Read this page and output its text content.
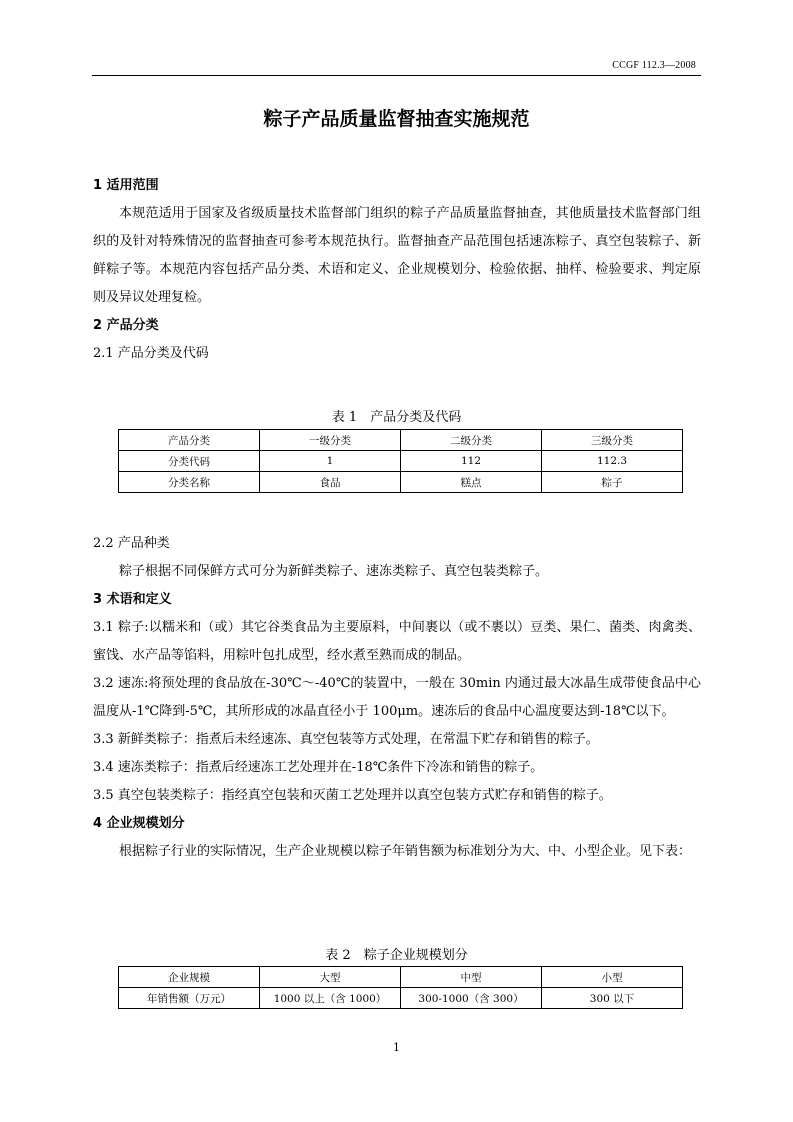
CCGF 112.3—2008
粽子产品质量监督抽查实施规范
1 适用范围
本规范适用于国家及省级质量技术监督部门组织的粽子产品质量监督抽查，其他质量技术监督部门组织的及针对特殊情况的监督抽查可参考本规范执行。监督抽查产品范围包括速冻粽子、真空包装粽子、新鲜粽子等。本规范内容包括产品分类、术语和定义、企业规模划分、检验依据、抽样、检验要求、判定原则及异议处理复检。
2 产品分类
2.1 产品分类及代码
表 1　产品分类及代码
产品分类	一级分类	二级分类	三级分类
分类代码	1	112	112.3
分类名称	食品	糕点	粽子
2.2 产品种类
粽子根据不同保鲜方式可分为新鲜类粽子、速冻类粽子、真空包装类粽子。
3 术语和定义
3.1 粽子:以糯米和（或）其它谷类食品为主要原料，中间裹以（或不裹以）豆类、果仁、菌类、肉禽类、蜜饯、水产品等馅料，用粽叶包扎成型，经水煮至熟而成的制品。
3.2 速冻:将预处理的食品放在-30℃～-40℃的装置中，一般在 30min 内通过最大冰晶生成带使食品中心温度从-1℃降到-5℃，其所形成的冰晶直径小于 100μm。速冻后的食品中心温度要达到-18℃以下。
3.3 新鲜类粽子：指煮后未经速冻、真空包装等方式处理，在常温下贮存和销售的粽子。
3.4 速冻类粽子：指煮后经速冻工艺处理并在-18℃条件下冷冻和销售的粽子。
3.5 真空包装类粽子：指经真空包装和灭菌工艺处理并以真空包装方式贮存和销售的粽子。
4 企业规模划分
根据粽子行业的实际情况，生产企业规模以粽子年销售额为标准划分为大、中、小型企业。见下表：
表 2　粽子企业规模划分
企业规模	大型	中型	小型
年销售额（万元）	1000 以上（含 1000）	300-1000（含 300）	300 以下
1
